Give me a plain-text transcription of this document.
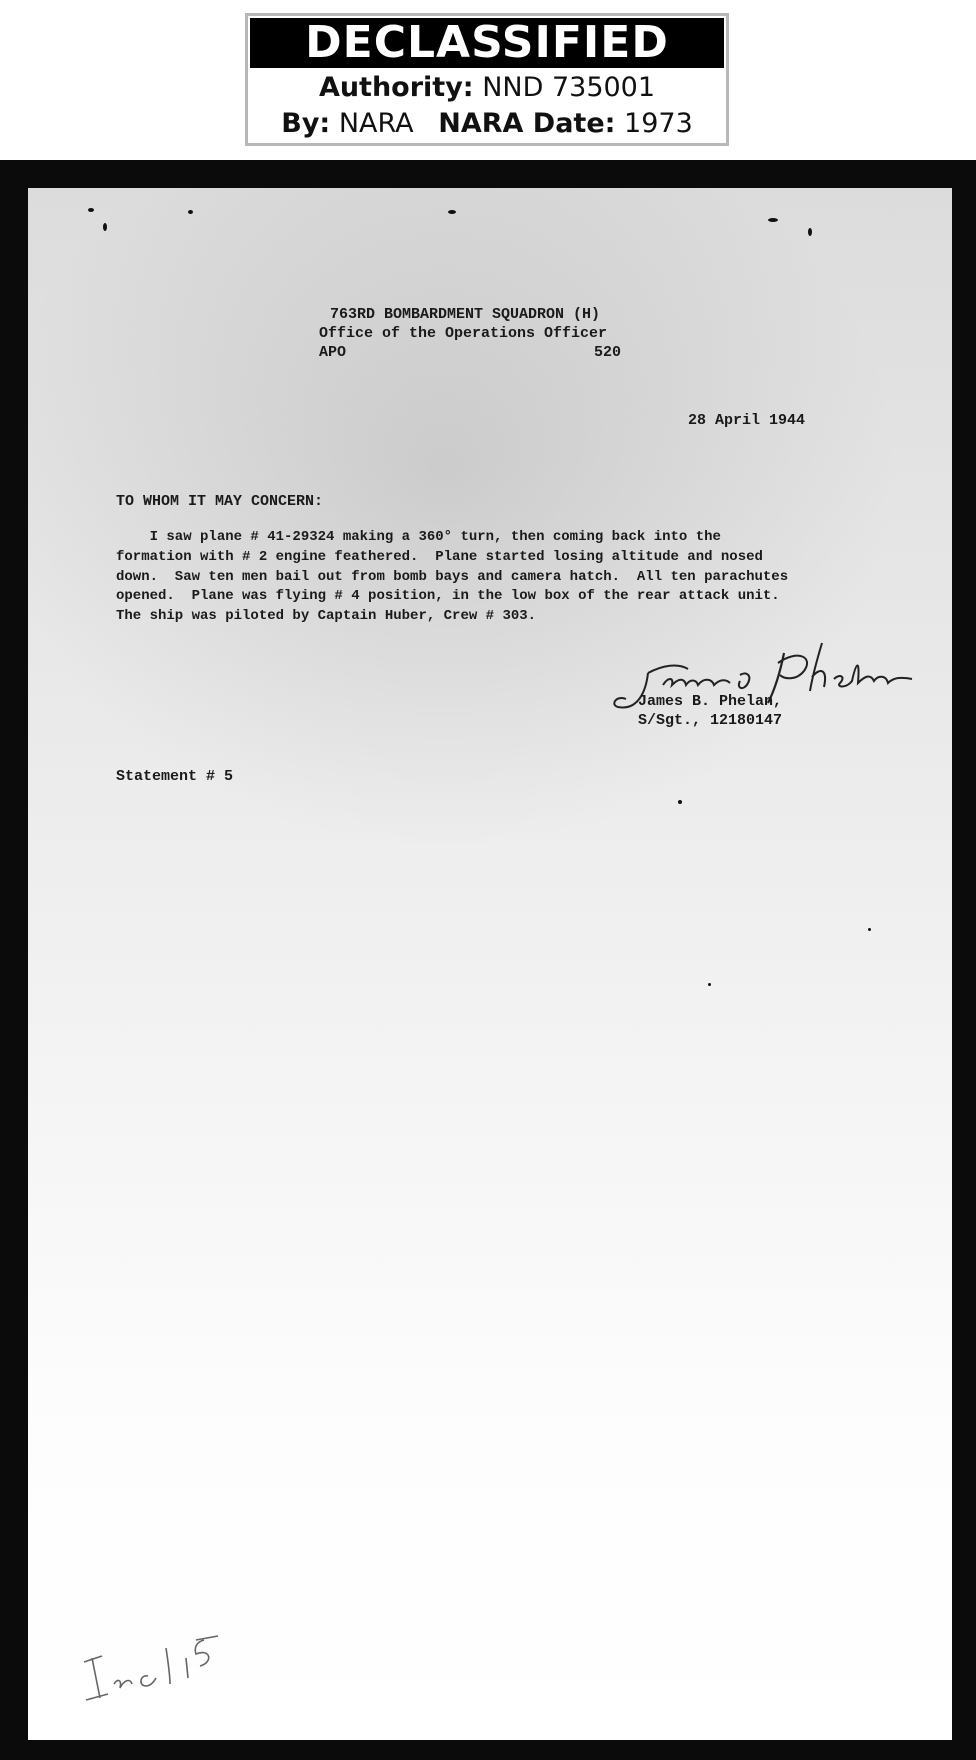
DECLASSIFIED
Authority: NND 735001
By: NARA NARA Date: 1973
763RD BOMBARDMENT SQUADRON (H)
Office of the Operations Officer
APO	520
28 April 1944
TO WHOM IT MAY CONCERN:
I saw plane # 41-29324 making a 360° turn, then coming back into the
formation with # 2 engine feathered.  Plane started losing altitude and nosed
down.  Saw ten men bail out from bomb bays and camera hatch.  All ten parachutes
opened.  Plane was flying # 4 position, in the low box of the rear attack unit.
The ship was piloted by Captain Huber, Crew # 303.
James B. Phelan,
S/Sgt., 12180147
Statement # 5
